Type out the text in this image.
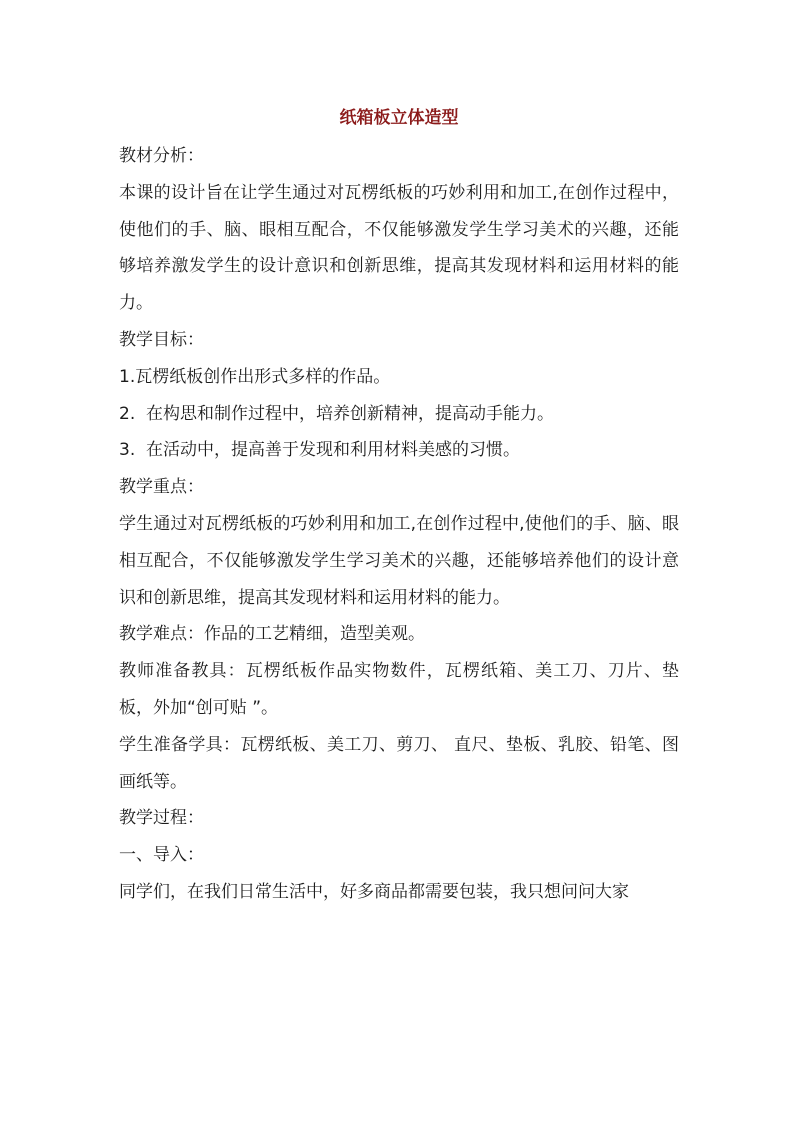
纸箱板立体造型

教材分析：

本课的设计旨在让学生通过对瓦楞纸板的巧妙利用和加工,在创作过程中，使他们的手、脑、眼相互配合，不仅能够激发学生学习美术的兴趣，还能够培养激发学生的设计意识和创新思维，提高其发现材料和运用材料的能力。

教学目标：

1.瓦楞纸板创作出形式多样的作品。

2.  在构思和制作过程中，培养创新精神，提高动手能力。

3.  在活动中，提高善于发现和利用材料美感的习惯。

教学重点：

学生通过对瓦楞纸板的巧妙利用和加工,在创作过程中,使他们的手、脑、眼相互配合，不仅能够激发学生学习美术的兴趣，还能够培养他们的设计意识和创新思维，提高其发现材料和运用材料的能力。

教学难点：作品的工艺精细，造型美观。

教师准备教具：瓦楞纸板作品实物数件，瓦楞纸箱、美工刀、刀片、垫板，外加“创可贴 ”。

学生准备学具：瓦楞纸板、美工刀、剪刀、 直尺、垫板、乳胶、铅笔、图画纸等。

教学过程：

一、导入：

同学们，在我们日常生活中，好多商品都需要包装，我只想问问大家
